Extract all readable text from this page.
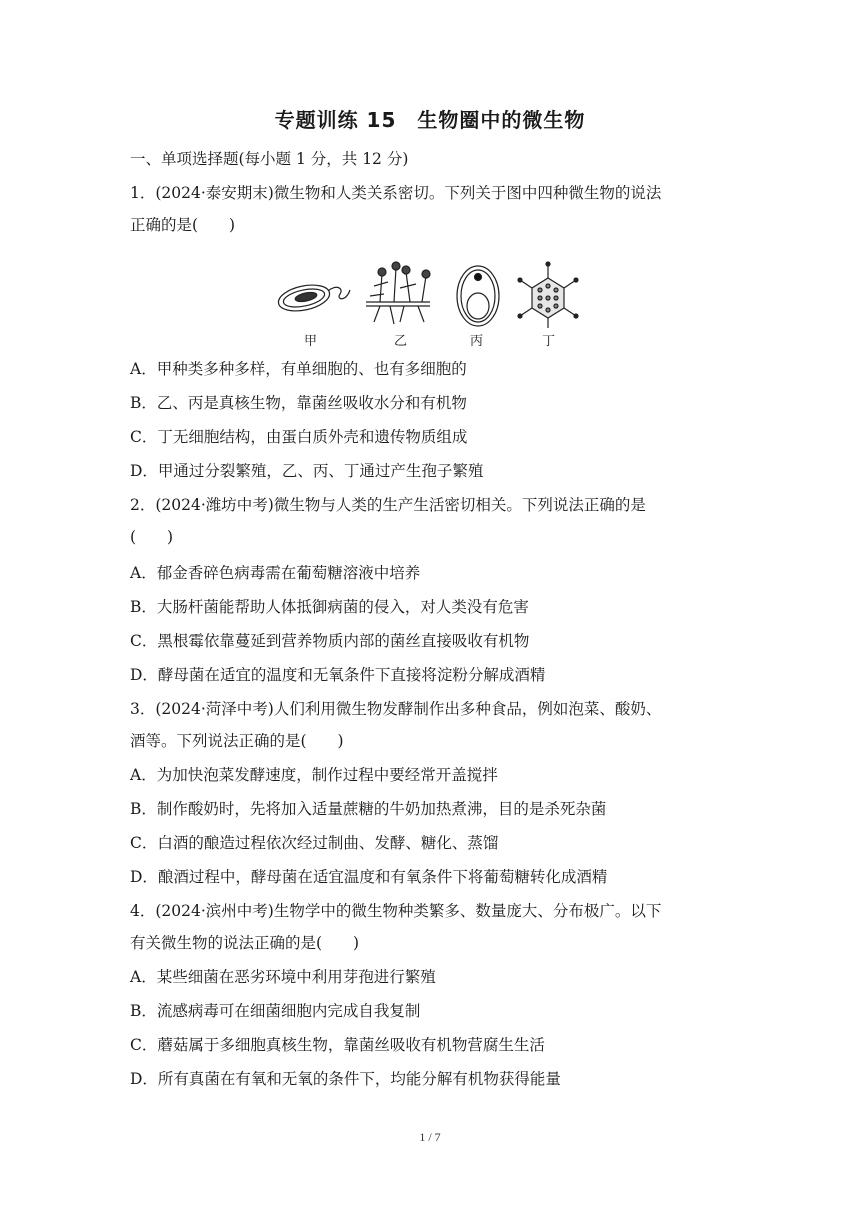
专题训练 15　生物圈中的微生物
一、单项选择题(每小题 1 分，共 12 分)
1．(2024·泰安期末)微生物和人类关系密切。下列关于图中四种微生物的说法
正确的是(　　)
甲	乙	丙	丁
A．甲种类多种多样，有单细胞的、也有多细胞的
B．乙、丙是真核生物，靠菌丝吸收水分和有机物
C．丁无细胞结构，由蛋白质外壳和遗传物质组成
D．甲通过分裂繁殖，乙、丙、丁通过产生孢子繁殖
2．(2024·潍坊中考)微生物与人类的生产生活密切相关。下列说法正确的是
(　　)
A．郁金香碎色病毒需在葡萄糖溶液中培养
B．大肠杆菌能帮助人体抵御病菌的侵入，对人类没有危害
C．黑根霉依靠蔓延到营养物质内部的菌丝直接吸收有机物
D．酵母菌在适宜的温度和无氧条件下直接将淀粉分解成酒精
3．(2024·菏泽中考)人们利用微生物发酵制作出多种食品，例如泡菜、酸奶、
酒等。下列说法正确的是(　　)
A．为加快泡菜发酵速度，制作过程中要经常开盖搅拌
B．制作酸奶时，先将加入适量蔗糖的牛奶加热煮沸，目的是杀死杂菌
C．白酒的酿造过程依次经过制曲、发酵、糖化、蒸馏
D．酿酒过程中，酵母菌在适宜温度和有氧条件下将葡萄糖转化成酒精
4．(2024·滨州中考)生物学中的微生物种类繁多、数量庞大、分布极广。以下
有关微生物的说法正确的是(　　)
A．某些细菌在恶劣环境中利用芽孢进行繁殖
B．流感病毒可在细菌细胞内完成自我复制
C．蘑菇属于多细胞真核生物，靠菌丝吸收有机物营腐生生活
D．所有真菌在有氧和无氧的条件下，均能分解有机物获得能量
1 / 7
